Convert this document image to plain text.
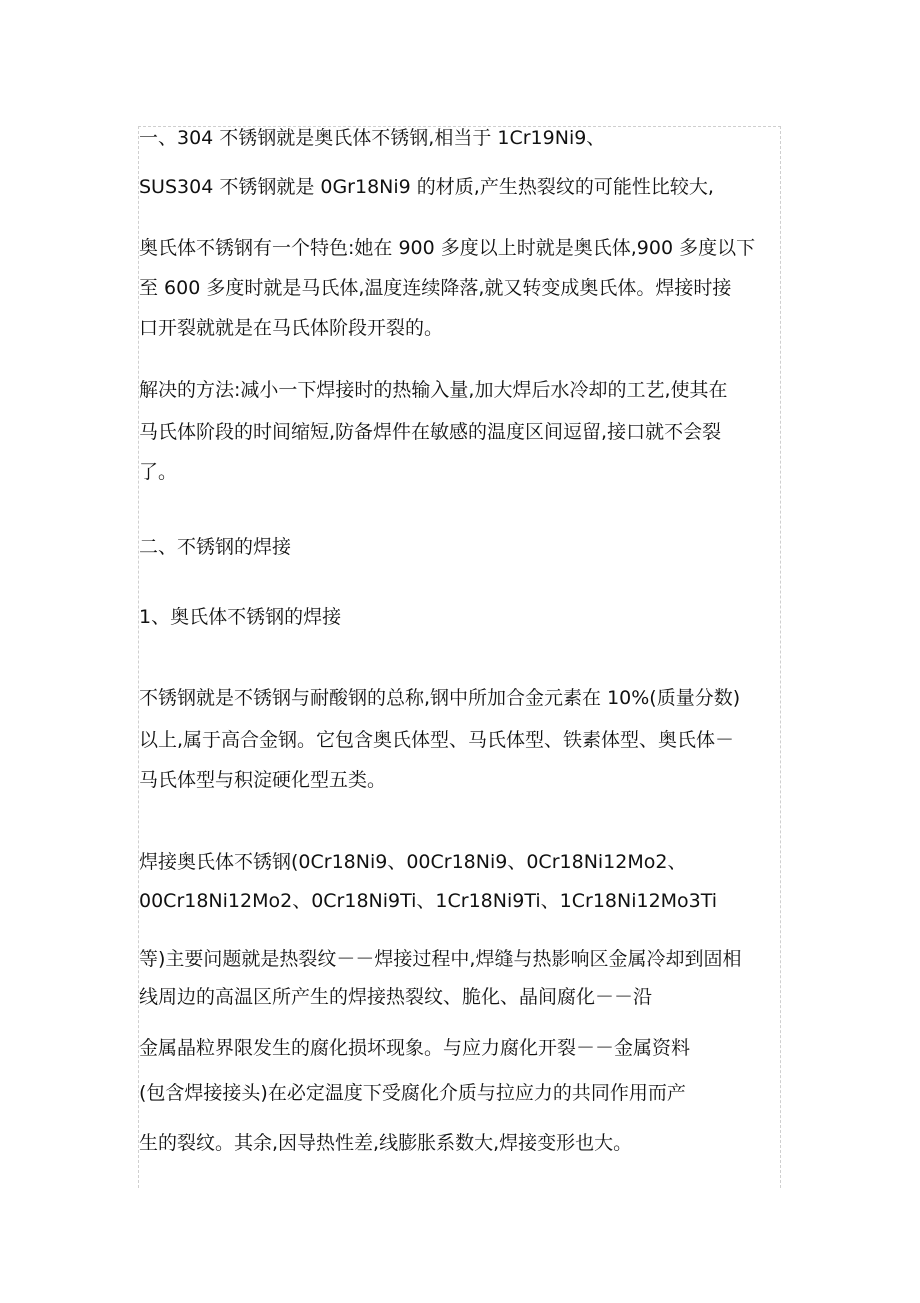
一、304 不锈钢就是奥氏体不锈钢,相当于 1Cr19Ni9、
SUS304 不锈钢就是 0Gr18Ni9 的材质,产生热裂纹的可能性比较大,
奥氏体不锈钢有一个特色:她在 900 多度以上时就是奥氏体,900 多度以下
至 600 多度时就是马氏体,温度连续降落,就又转变成奥氏体。焊接时接
口开裂就就是在马氏体阶段开裂的。
解决的方法:减小一下焊接时的热输入量,加大焊后水冷却的工艺,使其在
马氏体阶段的时间缩短,防备焊件在敏感的温度区间逗留,接口就不会裂
了。
二、不锈钢的焊接
1、奥氏体不锈钢的焊接
不锈钢就是不锈钢与耐酸钢的总称,钢中所加合金元素在 10%(质量分数)
以上,属于高合金钢。它包含奥氏体型、马氏体型、铁素体型、奥氏体－
马氏体型与积淀硬化型五类。
焊接奥氏体不锈钢(0Cr18Ni9、00Cr18Ni9、0Cr18Ni12Mo2、
00Cr18Ni12Mo2、0Cr18Ni9Ti、1Cr18Ni9Ti、1Cr18Ni12Mo3Ti
等)主要问题就是热裂纹－－焊接过程中,焊缝与热影响区金属冷却到固相
线周边的高温区所产生的焊接热裂纹、脆化、晶间腐化－－沿
金属晶粒界限发生的腐化损坏现象。与应力腐化开裂－－金属资料
(包含焊接接头)在必定温度下受腐化介质与拉应力的共同作用而产
生的裂纹。其余,因导热性差,线膨胀系数大,焊接变形也大。
